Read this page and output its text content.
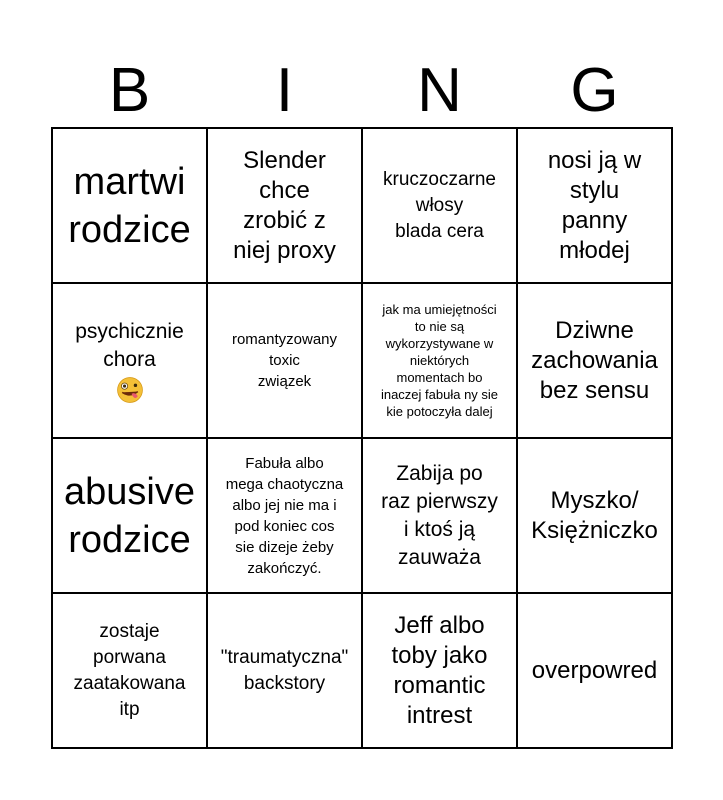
B	I	N	G
martwi
rodzice
Slender
chce
zrobić z
niej proxy
kruczoczarne
włosy
blada cera
nosi ją w
stylu
panny
młodej
psychicznie
chora
romantyzowany
toxic
związek
jak ma umiejętności
to nie są
wykorzystywane w
niektórych
momentach bo
inaczej fabuła ny sie
kie potoczyła dalej
Dziwne
zachowania
bez sensu
abusive
rodzice
Fabuła albo
mega chaotyczna
albo jej nie ma i
pod koniec cos
sie dizeje żeby
zakończyć.
Zabija po
raz pierwszy
i ktoś ją
zauważa
Myszko/
Księżniczko
zostaje
porwana
zaatakowana
itp
"traumatyczna"
backstory
Jeff albo
toby jako
romantic
intrest
overpowred
